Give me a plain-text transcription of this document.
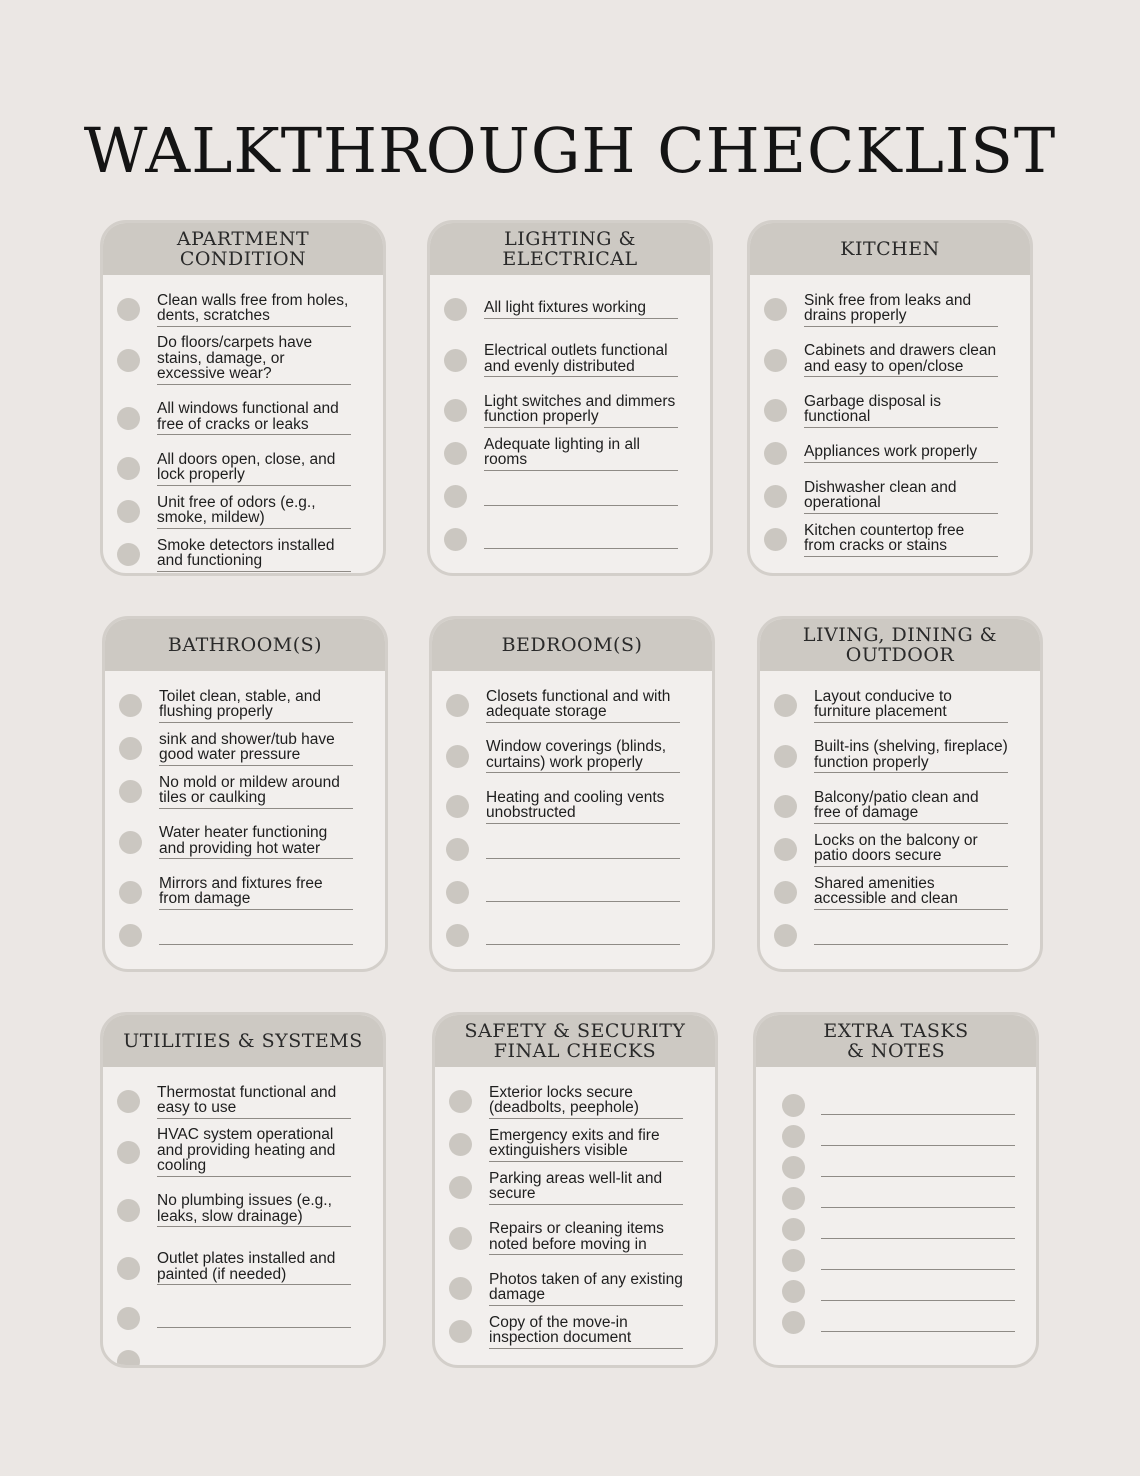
WALKTHROUGH CHECKLIST
APARTMENT
CONDITION
Clean walls free from holes, dents, scratches
Do floors/carpets have stains, damage, or excessive wear?
All windows functional and free of cracks or leaks
All doors open, close, and lock properly
Unit free of odors (e.g., smoke, mildew)
Smoke detectors installed and functioning
LIGHTING &
ELECTRICAL
All light fixtures working
Electrical outlets functional and evenly distributed
Light switches and dimmers function properly
Adequate lighting in all rooms
KITCHEN
Sink free from leaks and drains properly
Cabinets and drawers clean and easy to open/close
Garbage disposal is functional
Appliances work properly
Dishwasher clean and operational
Kitchen countertop free from cracks or stains
BATHROOM(S)
Toilet clean, stable, and flushing properly
sink and shower/tub have good water pressure
No mold or mildew around tiles or caulking
Water heater functioning and providing hot water
Mirrors and fixtures free from damage
BEDROOM(S)
Closets functional and with adequate storage
Window coverings (blinds, curtains) work properly
Heating and cooling vents unobstructed
LIVING, DINING &
OUTDOOR
Layout conducive to furniture placement
Built-ins (shelving, fireplace) function properly
Balcony/patio clean and free of damage
Locks on the balcony or patio doors secure
Shared amenities accessible and clean
UTILITIES & SYSTEMS
Thermostat functional and easy to use
HVAC system operational and providing heating and cooling
No plumbing issues (e.g., leaks, slow drainage)
Outlet plates installed and painted (if needed)
SAFETY & SECURITY
FINAL CHECKS
Exterior locks secure (deadbolts, peephole)
Emergency exits and fire extinguishers visible
Parking areas well-lit and secure
Repairs or cleaning items noted before moving in
Photos taken of any existing damage
Copy of the move-in inspection document
EXTRA TASKS
& NOTES
